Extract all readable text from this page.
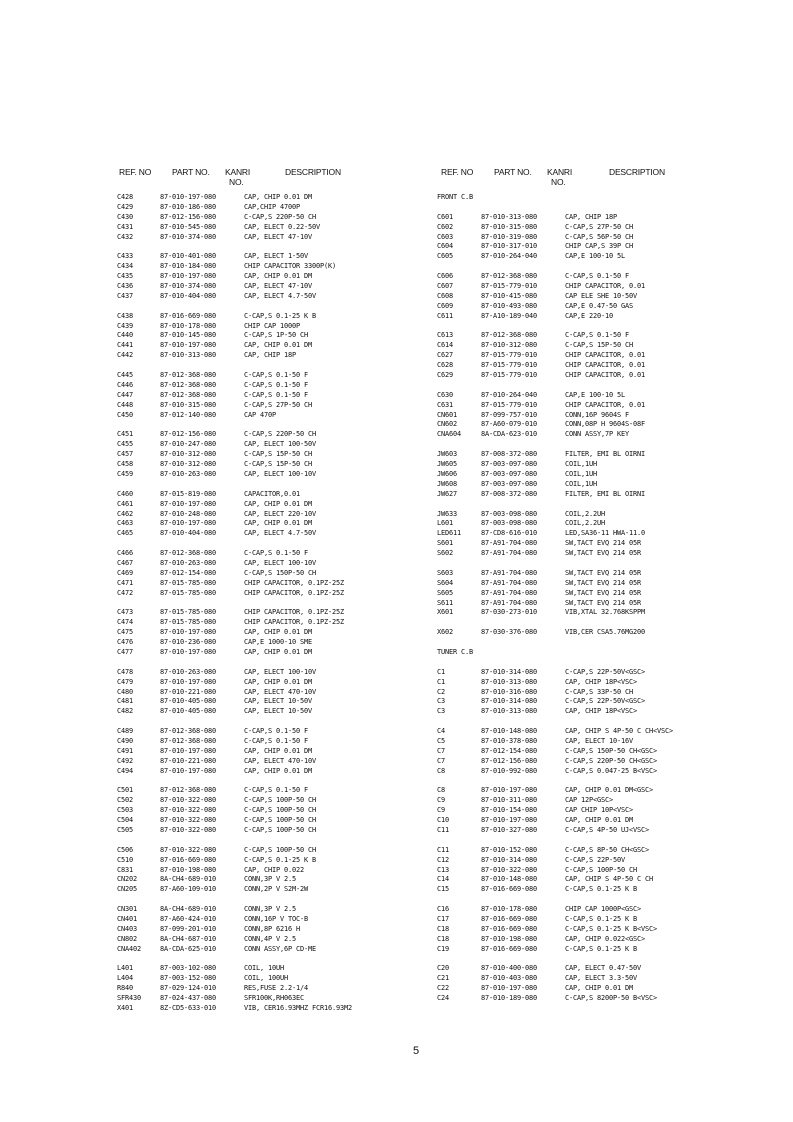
REF. NO PART NO. KANRI
NO.
DESCRIPTION	REF. NO PART NO. KANRI
NO.
DESCRIPTION
C428	87-010-197-080	CAP, CHIP 0.01 DM
C429	87-010-186-080	CAP,CHIP 4700P
C430	87-012-156-080	C-CAP,S 220P-50 CH
C431	87-010-545-080	CAP, ELECT 0.22-50V
C432	87-010-374-080	CAP, ELECT 47-10V
C433	87-010-401-080	CAP, ELECT 1-50V
C434	87-010-184-080	CHIP CAPACITOR 3300P(K)
C435	87-010-197-080	CAP, CHIP 0.01 DM
C436	87-010-374-080	CAP, ELECT 47-10V
C437	87-010-404-080	CAP, ELECT 4.7-50V
C438	87-016-669-080	C-CAP,S 0.1-25 K B
C439	87-010-178-080	CHIP CAP 1000P
C440	87-010-145-080	C-CAP,S 1P-50 CH
C441	87-010-197-080	CAP, CHIP 0.01 DM
C442	87-010-313-080	CAP, CHIP 18P
C445	87-012-368-080	C-CAP,S 0.1-50 F
C446	87-012-368-080	C-CAP,S 0.1-50 F
C447	87-012-368-080	C-CAP,S 0.1-50 F
C448	87-010-315-080	C-CAP,S 27P-50 CH
C450	87-012-140-080	CAP 470P
C451	87-012-156-080	C-CAP,S 220P-50 CH
C455	87-010-247-080	CAP, ELECT 100-50V
C457	87-010-312-080	C-CAP,S 15P-50 CH
C458	87-010-312-080	C-CAP,S 15P-50 CH
C459	87-010-263-080	CAP, ELECT 100-10V
C460	87-015-819-080	CAPACITOR,0.01
C461	87-010-197-080	CAP, CHIP 0.01 DM
C462	87-010-248-080	CAP, ELECT 220-10V
C463	87-010-197-080	CAP, CHIP 0.01 DM
C465	87-010-404-080	CAP, ELECT 4.7-50V
C466	87-012-368-080	C-CAP,S 0.1-50 F
C467	87-010-263-080	CAP, ELECT 100-10V
C469	87-012-154-080	C-CAP,S 150P-50 CH
C471	87-015-785-080	CHIP CAPACITOR, 0.1PZ-25Z
C472	87-015-785-080	CHIP CAPACITOR, 0.1PZ-25Z
C473	87-015-785-080	CHIP CAPACITOR, 0.1PZ-25Z
C474	87-015-785-080	CHIP CAPACITOR, 0.1PZ-25Z
C475	87-010-197-080	CAP, CHIP 0.01 DM
C476	87-010-236-080	CAP,E 1000-10 SME
C477	87-010-197-080	CAP, CHIP 0.01 DM
C478	87-010-263-080	CAP, ELECT 100-10V
C479	87-010-197-080	CAP, CHIP 0.01 DM
C480	87-010-221-080	CAP, ELECT 470-10V
C481	87-010-405-080	CAP, ELECT 10-50V
C482	87-010-405-080	CAP, ELECT 10-50V
C489	87-012-368-080	C-CAP,S 0.1-50 F
C490	87-012-368-080	C-CAP,S 0.1-50 F
C491	87-010-197-080	CAP, CHIP 0.01 DM
C492	87-010-221-080	CAP, ELECT 470-10V
C494	87-010-197-080	CAP, CHIP 0.01 DM
C501	87-012-368-080	C-CAP,S 0.1-50 F
C502	87-010-322-080	C-CAP,S 100P-50 CH
C503	87-010-322-080	C-CAP,S 100P-50 CH
C504	87-010-322-080	C-CAP,S 100P-50 CH
C505	87-010-322-080	C-CAP,S 100P-50 CH
C506	87-010-322-080	C-CAP,S 100P-50 CH
C510	87-016-669-080	C-CAP,S 0.1-25 K B
C831	87-010-198-080	CAP, CHIP 0.022
CN202	8A-CH4-689-010	CONN,3P V 2.5
CN205	87-A60-109-010	CONN,2P V S2M-2W
CN301	8A-CH4-689-010	CONN,3P V 2.5
CN401	87-A60-424-010	CONN,16P V TOC-B
CN403	87-099-201-010	CONN,8P 6216 H
CN802	8A-CH4-687-010	CONN,4P V 2.5
CNA402	8A-CDA-625-010	CONN ASSY,6P CD-ME
L401	87-003-102-080	COIL, 10UH
L404	87-003-152-080	COIL, 100UH
R840	87-029-124-010	RES,FUSE 2.2-1/4
SFR430	87-024-437-080	SFR100K,RH063EC
X401	8Z-CD5-633-010	VIB, CER16.93MHZ FCR16.93M2
FRONT C.B
C601	87-010-313-080	CAP, CHIP 18P
C602	87-010-315-080	C-CAP,S 27P-50 CH
C603	87-010-319-080	C-CAP,S 56P-50 CH
C604	87-010-317-010	CHIP CAP,S 39P CH
C605	87-010-264-040	CAP,E 100-10 5L
C606	87-012-368-080	C-CAP,S 0.1-50 F
C607	87-015-779-010	CHIP CAPACITOR, 0.01
C608	87-010-415-080	CAP ELE SHE 10-50V
C609	87-010-493-080	CAP,E 0.47-50 GAS
C611	87-A10-189-040	CAP,E 220-10
C613	87-012-368-080	C-CAP,S 0.1-50 F
C614	87-010-312-080	C-CAP,S 15P-50 CH
C627	87-015-779-010	CHIP CAPACITOR, 0.01
C628	87-015-779-010	CHIP CAPACITOR, 0.01
C629	87-015-779-010	CHIP CAPACITOR, 0.01
C630	87-010-264-040	CAP,E 100-10 5L
C631	87-015-779-010	CHIP CAPACITOR, 0.01
CN601	87-099-757-010	CONN,16P 9604S F
CN602	87-A60-079-010	CONN,08P H 9604S-08F
CNA604	8A-CDA-623-010	CONN ASSY,7P KEY
JW603	87-008-372-080	FILTER, EMI BL OIRNI
JW605	87-003-097-080	COIL,1UH
JW606	87-003-097-080	COIL,1UH
JW608	87-003-097-080	COIL,1UH
JW627	87-008-372-080	FILTER, EMI BL OIRNI
JW633	87-003-098-080	COIL,2.2UH
L601	87-003-098-080	COIL,2.2UH
LED611	87-CD8-616-010	LED,SA36-11 HWA-11.0
S601	87-A91-704-080	SW,TACT EVQ 214 05R
S602	87-A91-704-080	SW,TACT EVQ 214 05R
S603	87-A91-704-080	SW,TACT EVQ 214 05R
S604	87-A91-704-080	SW,TACT EVQ 214 05R
S605	87-A91-704-080	SW,TACT EVQ 214 05R
S611	87-A91-704-080	SW,TACT EVQ 214 05R
X601	87-030-273-010	VIB,XTAL 32.768KSPPM
X602	87-030-376-080	VIB,CER CSA5.76MG200
TUNER C.B
C1	87-010-314-080	C-CAP,S 22P-50V<GSC>
C1	87-010-313-080	CAP, CHIP 18P<VSC>
C2	87-010-316-080	C-CAP,S 33P-50 CH
C3	87-010-314-080	C-CAP,S 22P-50V<GSC>
C3	87-010-313-080	CAP, CHIP 18P<VSC>
C4	87-010-148-080	CAP, CHIP S 4P-50 C CH<VSC>
C5	87-010-378-080	CAP, ELECT 10-16V
C7	87-012-154-080	C-CAP,S 150P-50 CH<GSC>
C7	87-012-156-080	C-CAP,S 220P-50 CH<GSC>
C8	87-010-992-080	C-CAP,S 0.047-25 B<VSC>
C8	87-010-197-080	CAP, CHIP 0.01 DM<GSC>
C9	87-010-311-080	CAP 12P<GSC>
C9	87-010-154-080	CAP CHIP 10P<VSC>
C10	87-010-197-080	CAP, CHIP 0.01 DM
C11	87-010-327-080	C-CAP,S 4P-50 UJ<VSC>
C11	87-010-152-080	C-CAP,S 8P-50 CH<GSC>
C12	87-010-314-080	C-CAP,S 22P-50V
C13	87-010-322-080	C-CAP,S 100P-50 CH
C14	87-010-148-080	CAP, CHIP S 4P-50 C CH
C15	87-016-669-080	C-CAP,S 0.1-25 K B
C16	87-010-178-080	CHIP CAP 1000P<GSC>
C17	87-016-669-080	C-CAP,S 0.1-25 K B
C18	87-016-669-080	C-CAP,S 0.1-25 K B<VSC>
C18	87-010-198-080	CAP, CHIP 0.022<GSC>
C19	87-016-669-080	C-CAP,S 0.1-25 K B
C20	87-010-400-080	CAP, ELECT 0.47-50V
C21	87-010-403-080	CAP, ELECT 3.3-50V
C22	87-010-197-080	CAP, CHIP 0.01 DM
C24	87-010-189-080	C-CAP,S 8200P-50 B<VSC>
5
